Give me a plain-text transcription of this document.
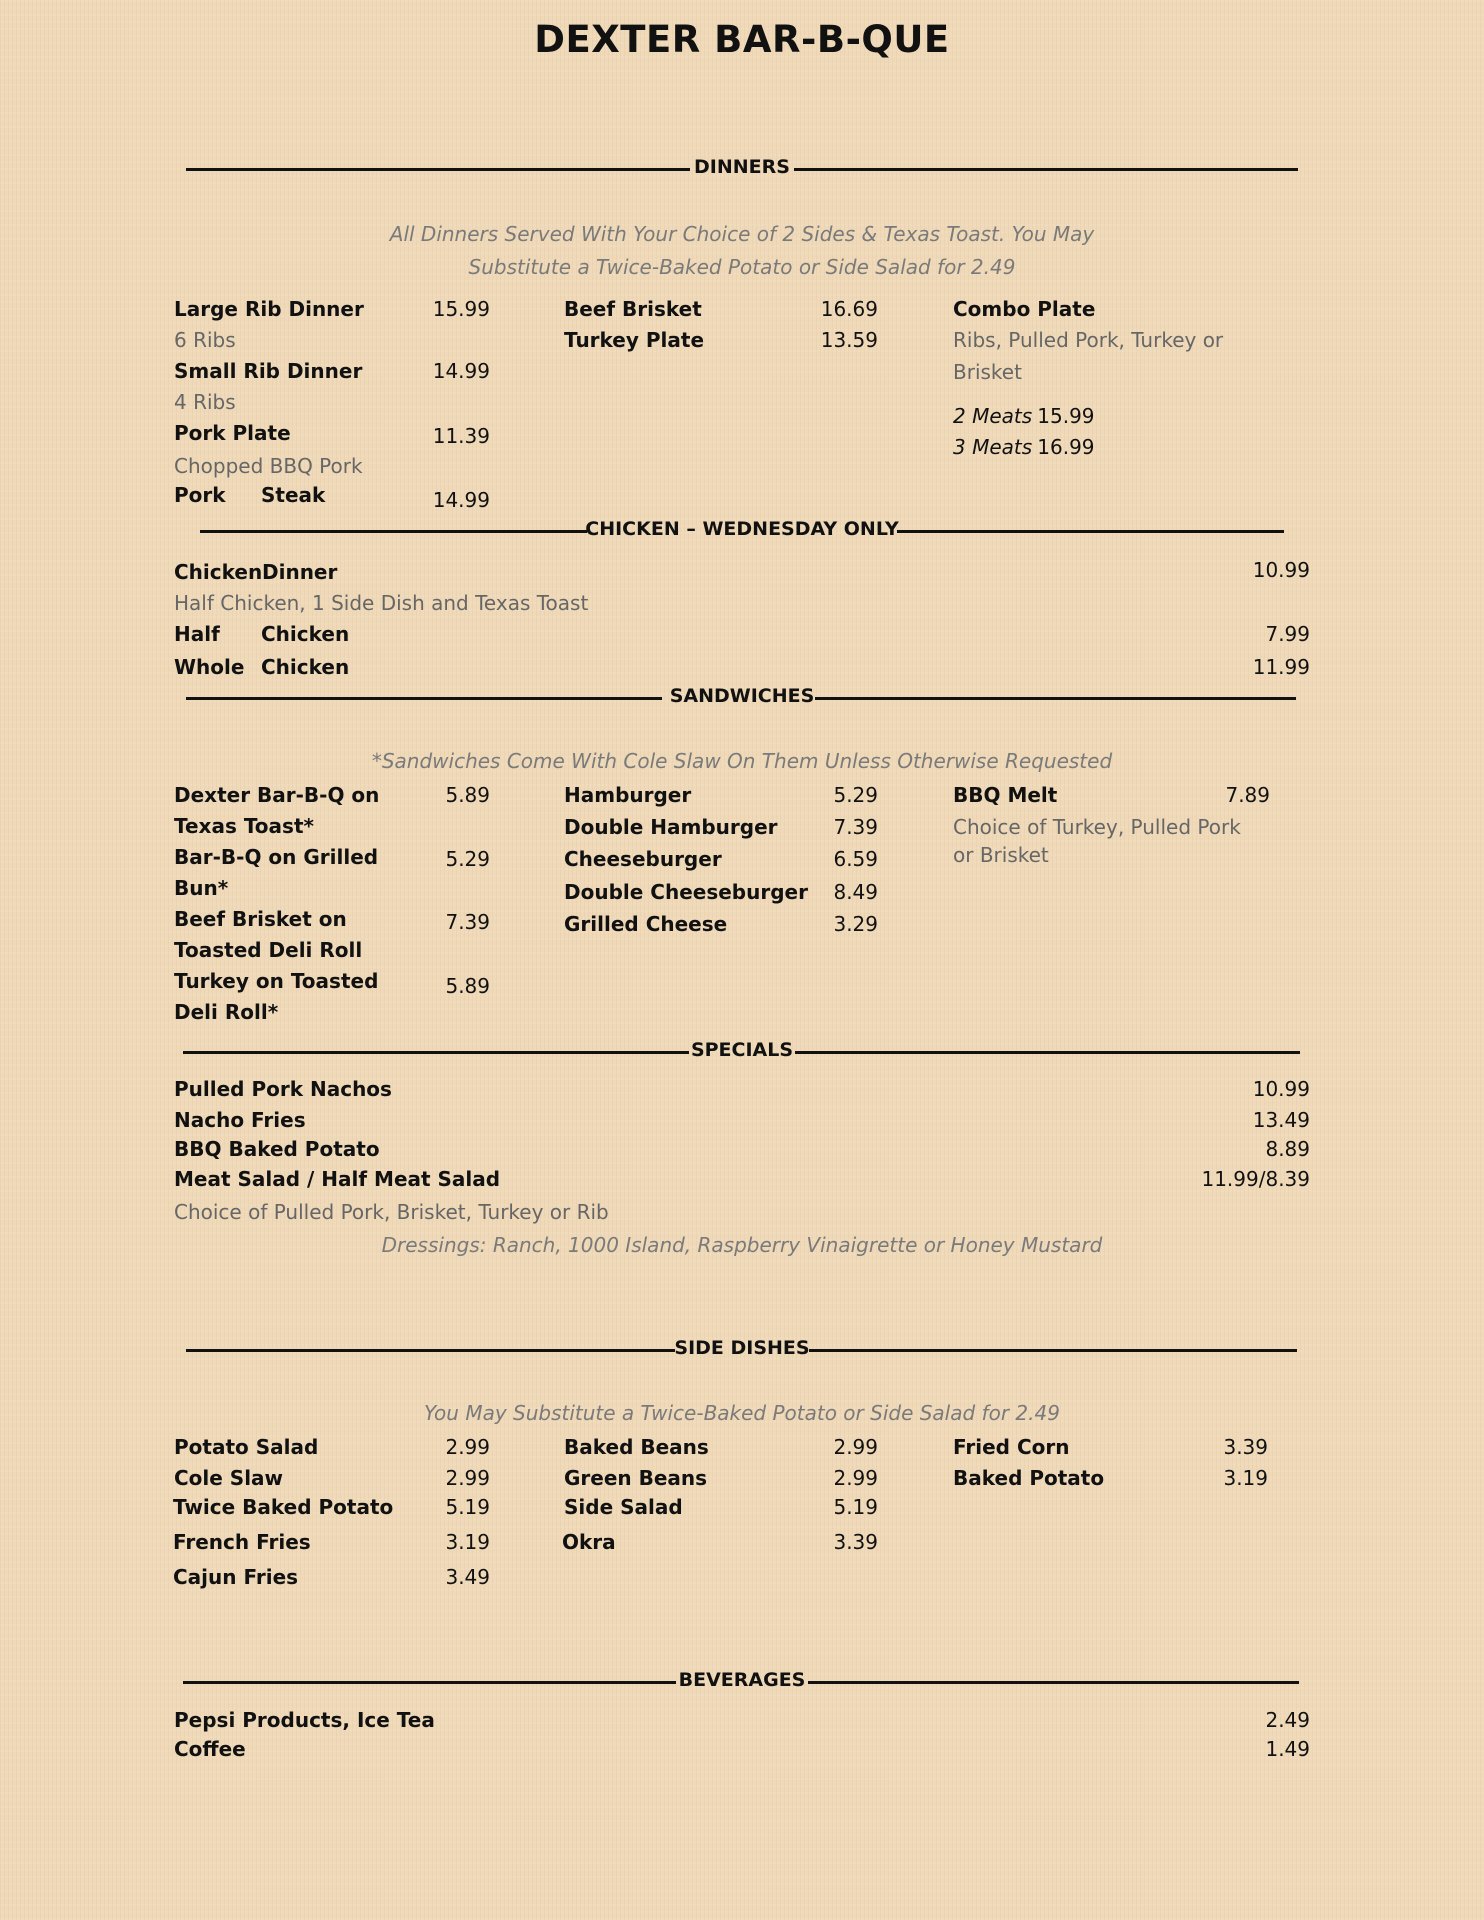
DEXTER BAR-B-QUE
DINNERS
All Dinners Served With Your Choice of 2 Sides & Texas Toast. You May
Substitute a Twice-Baked Potato or Side Salad for 2.49
Large Rib Dinner	15.99
6 Ribs
Small Rib Dinner	14.99
4 Ribs
Pork Plate	11.39
Chopped BBQ Pork
Pork Steak	14.99
Beef Brisket	16.69
Turkey Plate	13.59
Combo Plate
Ribs, Pulled Pork, Turkey or
Brisket
2 Meats 15.99
3 Meats 16.99
CHICKEN – WEDNESDAY ONLY
Chicken Dinner	10.99
Half Chicken, 1 Side Dish and Texas Toast
Half Chicken	7.99
Whole Chicken	11.99
SANDWICHES
*Sandwiches Come With Cole Slaw On Them Unless Otherwise Requested
Dexter Bar-B-Q on
Texas Toast*
5.89
Bar-B-Q on Grilled
Bun*
5.29
Beef Brisket on
Toasted Deli Roll
7.39
Turkey on Toasted
Deli Roll*
5.89
Hamburger	5.29
Double Hamburger	7.39
Cheeseburger	6.59
Double Cheeseburger	8.49
Grilled Cheese	3.29
BBQ Melt	7.89
Choice of Turkey, Pulled Pork
or Brisket
SPECIALS
Pulled Pork Nachos	10.99
Nacho Fries	13.49
BBQ Baked Potato	8.89
Meat Salad / Half Meat Salad	11.99/8.39
Choice of Pulled Pork, Brisket, Turkey or Rib
Dressings: Ranch, 1000 Island, Raspberry Vinaigrette or Honey Mustard
SIDE DISHES
You May Substitute a Twice-Baked Potato or Side Salad for 2.49
Potato Salad	2.99
Cole Slaw	2.99
Twice Baked Potato	5.19
French Fries	3.19
Cajun Fries	3.49
Baked Beans	2.99
Green Beans	2.99
Side Salad	5.19
Okra	3.39
Fried Corn	3.39
Baked Potato	3.19
BEVERAGES
Pepsi Products, Ice Tea	2.49
Coffee	1.49
